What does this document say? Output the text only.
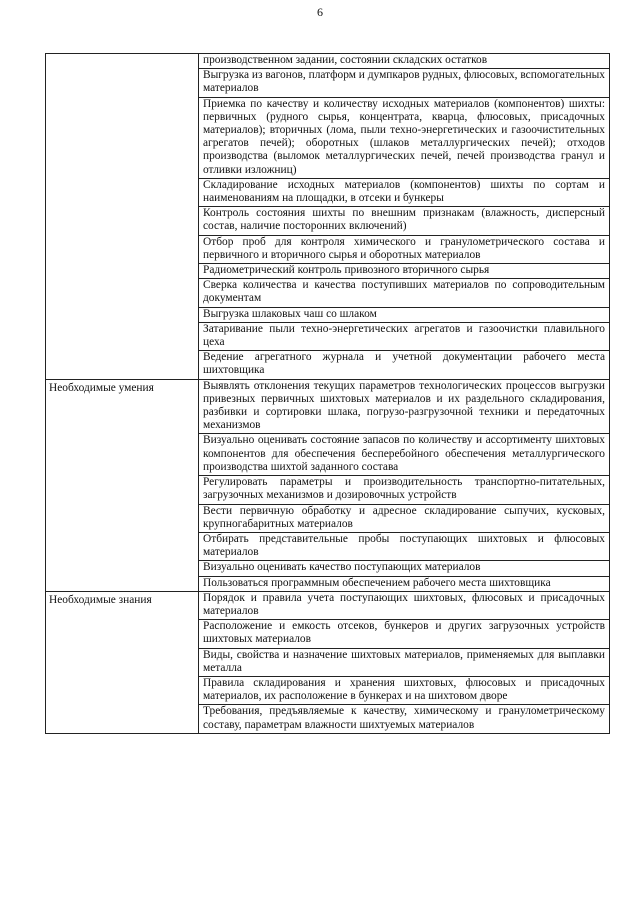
6

	производственном задании, состоянии складских остатков

	Выгрузка из вагонов, платформ и думпкаров рудных, флюсовых, вспомогательных материалов

	Приемка по качеству и количеству исходных материалов (компонентов) шихты: первичных (рудного сырья, концентрата, кварца, флюсовых, присадочных материалов); вторичных (лома, пыли техно-энергетических и газоочистительных агрегатов печей); оборотных (шлаков металлургических печей); отходов производства (выломок металлургических печей, печей производства гранул и отливки изложниц)

	Складирование исходных материалов (компонентов) шихты по сортам и наименованиям на площадки, в отсеки и бункеры

	Контроль состояния шихты по внешним признакам (влажность, дисперсный состав, наличие посторонних включений)

	Отбор проб для контроля химического и гранулометрического состава и первичного и вторичного сырья и оборотных материалов

	Радиометрический контроль привозного вторичного сырья

	Сверка количества и качества поступивших материалов по сопроводительным документам

	Выгрузка шлаковых чаш со шлаком

	Затаривание пыли техно-энергетических агрегатов и газоочистки плавильного цеха

	Ведение агрегатного журнала и учетной документации рабочего места шихтовщика

Необходимые умения	Выявлять отклонения текущих параметров технологических процессов выгрузки привезных первичных шихтовых материалов и их раздельного складирования, разбивки и сортировки шлака, погрузо-разгрузочной техники и передаточных механизмов

	Визуально оценивать состояние запасов по количеству и ассортименту шихтовых компонентов для обеспечения бесперебойного обеспечения металлургического производства шихтой заданного состава

	Регулировать параметры и производительность транспортно-питательных, загрузочных механизмов и дозировочных устройств

	Вести первичную обработку и адресное складирование сыпучих, кусковых, крупногабаритных материалов

	Отбирать представительные пробы поступающих шихтовых и флюсовых материалов

	Визуально оценивать качество поступающих материалов

	Пользоваться программным обеспечением рабочего места шихтовщика

Необходимые знания	Порядок и правила учета поступающих шихтовых, флюсовых и присадочных материалов

	Расположение и емкость отсеков, бункеров и других загрузочных устройств шихтовых материалов

	Виды, свойства и назначение шихтовых материалов, применяемых для выплавки металла

	Правила складирования и хранения шихтовых, флюсовых и присадочных материалов, их расположение в бункерах и на шихтовом дворе

	Требования, предъявляемые к качеству, химическому и гранулометрическому составу, параметрам влажности шихтуемых материалов
